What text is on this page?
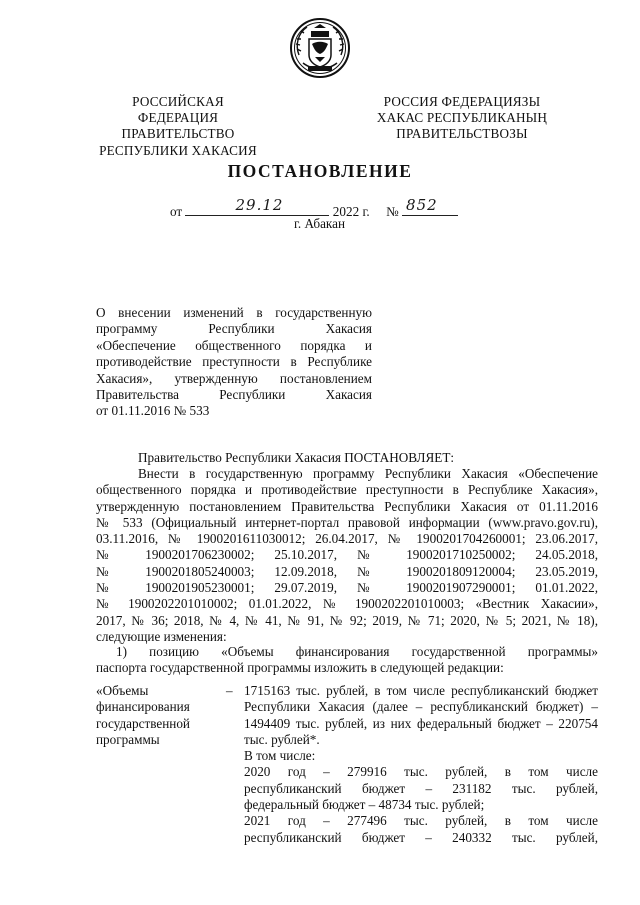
РОССИЙСКАЯ ФЕДЕРАЦИЯ
ПРАВИТЕЛЬСТВО
РЕСПУБЛИКИ ХАКАСИЯ
РОССИЯ ФЕДЕРАЦИЯЗЫ
ХАКАС РЕСПУБЛИКАНЫҢ
ПРАВИТЕЛЬСТВОЗЫ
ПОСТАНОВЛЕНИЕ
от	29.12	2022 г. № 852
г. Абакан
О внесении изменений в государственную
программу Республики Хакасия
«Обеспечение общественного порядка и
противодействие преступности в Республике
Хакасия», утвержденную постановлением
Правительства Республики Хакасия
от 01.11.2016 № 533
Правительство Республики Хакасия ПОСТАНОВЛЯЕТ:
Внести в государственную программу Республики Хакасия «Обеспечение
общественного порядка и противодействие преступности в Республике Хакасия»,
утвержденную постановлением Правительства Республики Хакасия от 01.11.2016
№ 533 (Официальный интернет-портал правовой информации (www.pravo.gov.ru),
03.11.2016, № 1900201611030012; 26.04.2017, № 1900201704260001; 23.06.2017,
№ 1900201706230002; 25.10.2017, № 1900201710250002; 24.05.2018,
№ 1900201805240003; 12.09.2018, № 1900201809120004; 23.05.2019,
№ 1900201905230001; 29.07.2019, № 1900201907290001; 01.01.2022,
№ 1900202201010002; 01.01.2022, № 1900202201010003; «Вестник Хакасии»,
2017, № 36; 2018, № 4, № 41, № 91, № 92; 2019, № 71; 2020, № 5; 2021, № 18),
следующие изменения:
1) позицию «Объемы финансирования государственной программы»
паспорта государственной программы изложить в следующей редакции:
«Объемы
финансирования
государственной
программы
– 1715163 тыс. рублей, в том числе республиканский бюджет
Республики Хакасия (далее – республиканский бюджет) –
1494409 тыс. рублей, из них федеральный бюджет – 220754
тыс. рублей*.
В том числе:
2020 год – 279916 тыс. рублей, в том числе
республиканский бюджет – 231182 тыс. рублей,
федеральный бюджет – 48734 тыс. рублей;
2021 год – 277496 тыс. рублей, в том числе
республиканский бюджет – 240332 тыс. рублей,
